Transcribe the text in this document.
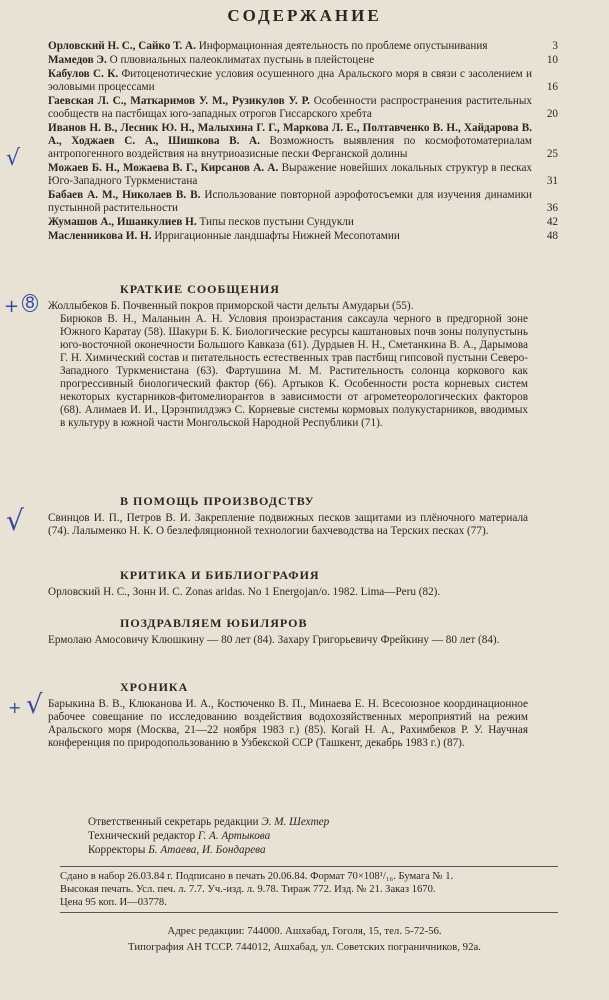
СОДЕРЖАНИЕ
Орловский Н. С., Сайко Т. А. Информационная деятельность по проблеме опустынивания	3
Мамедов Э. О плювиальных палеоклиматах пустынь в плейстоцене	10
Кабулов С. К. Фитоценотические условия осушенного дна Аральского моря в связи с засолением и эоловыми процессами	16
Гаевская Л. С., Маткаримов У. М., Рузикулов У. Р. Особенности распространения растительных сообществ на пастбищах юго-западных отрогов Гиссарского хребта	20
Иванов Н. В., Лесник Ю. Н., Малыхина Г. Г., Маркова Л. Е., Полтавченко В. Н., Хайдарова В. А., Ходжаев С. А., Шишкова В. А. Возможность выявления по космофотоматериалам антропогенного воздействия на внутриоазисные пески Ферганской долины	25
Можаев Б. Н., Можаева В. Г., Кирсанов А. А. Выражение новейших локальных структур в песках Юго-Западного Туркменистана	31
Бабаев А. М., Николаев В. В. Использование повторной аэрофотосъемки для изучения динамики пустынной растительности	36
Жумашов А., Ишанкулиев Н. Типы песков пустыни Сундукли	42
Масленникова И. Н. Ирригационные ландшафты Нижней Месопотамии	48
√
+ 8
√
+ √
КРАТКИЕ СООБЩЕНИЯ
Жоллыбеков Б. Почвенный покров приморской части дельты Амударьи (55).
Бирюков В. Н., Маланьин А. Н. Условия произрастания саксаула черного в предгорной зоне Южного Каратау (58). Шакури Б. К. Биологические ресурсы каштановых почв зоны полупустынь юго-восточной оконечности Большого Кавказа (61). Дурдыев Н. Н., Сметанкина В. А., Дарымова Г. Н. Химический состав и питательность естественных трав пастбищ гипсовой пустыни Северо-Западного Туркменистана (63). Фартушина М. М. Растительность солонца коркового как прогрессивный биологический фактор (66). Артыков К. Особенности роста корневых систем некоторых кустарников-фитомелиорантов в зависимости от агрометеорологических факторов (68). Алимаев И. И., Цэрэнпилдэжэ С. Корневые системы кормовых полукустарников, вводимых в культуру в южной части Монгольской Народной Республики (71).
В ПОМОЩЬ ПРОИЗВОДСТВУ
Свинцов И. П., Петров В. И. Закрепление подвижных песков защитами из плёночного материала (74). Лалыменко Н. К. О безлефляционной технологии бахчеводства на Терских песках (77).
КРИТИКА И БИБЛИОГРАФИЯ
Орловский Н. С., Зонн И. С. Zonas aridas. No 1 Energojan/o. 1982. Lima—Peru (82).
ПОЗДРАВЛЯЕМ ЮБИЛЯРОВ
Ермолаю Амосовичу Клюшкину — 80 лет (84). Захару Григорьевичу Фрейкину — 80 лет (84).
ХРОНИКА
Барыкина В. В., Клюканова И. А., Костюченко В. П., Минаева Е. Н. Всесоюзное координационное рабочее совещание по исследованию воздействия водохозяйственных мероприятий на режим Аральского моря (Москва, 21—22 ноября 1983 г.) (85). Когай Н. А., Рахимбеков Р. У. Научная конференция по природопользованию в Узбекской ССР (Ташкент, декабрь 1983 г.) (87).
Ответственный секретарь редакции Э. М. Шехтер
Технический редактор Г. А. Артыкова
Корректоры Б. Атаева, И. Бондарева
Сдано в набор 26.03.84 г. Подписано в печать 20.06.84. Формат 70×108¹/₁₆. Бумага № 1.
Высокая печать. Усл. печ. л. 7.7. Уч.-изд. л. 9.78. Тираж 772. Изд. № 21. Заказ 1670.
Цена 95 коп. И—03778.
Адрес редакции: 744000. Ашхабад, Гоголя, 15, тел. 5-72-56.
Типография АН ТССР. 744012, Ашхабад, ул. Советских пограничников, 92а.
